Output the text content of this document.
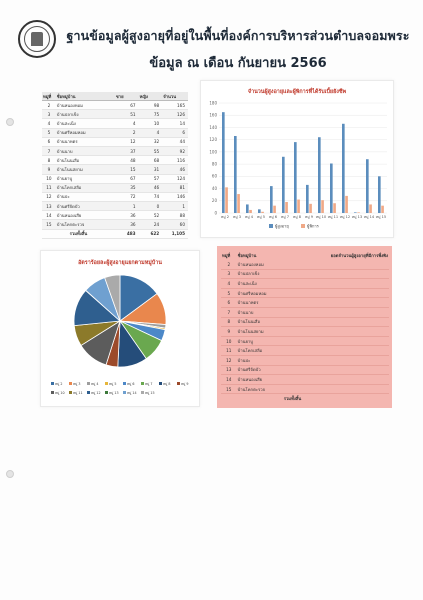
ฐานข้อมูลผู้สูงอายุที่อยู่ในพื้นที่องค์การบริหารส่วนตำบลจอมพระ
ข้อมูล ณ เดือน กันยายน 2566
หมู่ที่	ชื่อหมู่บ้าน	ชาย	หญิง	จำนวน
2	บ้านหนองหอม	67	98	165
3	บ้านปลาเข็ง	51	75	126
4	บ้านสะเน็ง	4	10	14
5	บ้านศรีหอมหอม	2	4	6
6	บ้านนาหตร	12	32	44
7	บ้านนาบ	37	55	92
8	บ้านโนนเสือ	48	68	116
9	บ้านโนนสยาม	15	31	46
10	บ้านยาบู	67	57	124
11	บ้านโคกเสลือ	35	46	81
12	บ้านปะ	72	74	146
13	บ้านศรีจัดบัว	1	0	1
14	บ้านหนองเสีย	36	52	88
15	บ้านโคกตะรวจ	36	24	60
รวมทั้งสิ้น		483	622	1,105
จำนวนผู้สูงอายุและผู้พิการที่ได้รับเบี้ยยังชีพ
0
20
40
60
80
100
120
140
160
180
หมู่ 2 หมู่ 3 หมู่ 4 หมู่ 5 หมู่ 6 หมู่ 7 หมู่ 8 หมู่ 9 หมู่ 10 หมู่ 11 หมู่ 12 หมู่ 13 หมู่ 14 หมู่ 15
ผู้สูงอายุ	ผู้พิการ
อัตราร้อยละผู้สูงอายุแยกตามหมู่บ้าน
หมู่ 2	หมู่ 3	หมู่ 4	หมู่ 5	หมู่ 6	หมู่ 7	หมู่ 8	หมู่ 9
หมู่ 10	หมู่ 11	หมู่ 12	หมู่ 13	หมู่ 14	หมู่ 15
หมู่ที่	ชื่อหมู่บ้าน	ยอดจำนวนผู้สูงอายุที่มีการพึ่งพิง
2	บ้านหนองหอม	
3	บ้านปลาเข็ง	
4	บ้านสะเน็ง	
5	บ้านศรีหอมหอม	
6	บ้านนาหตร	
7	บ้านนาบ	
8	บ้านโนนเสือ	
9	บ้านโนนสยาม	
10	บ้านยาบู	
11	บ้านโคกเสลือ	
12	บ้านปะ	
13	บ้านศรีจัดบัว	
14	บ้านหนองเสีย	
15	บ้านโคกตะรวจ	
รวมทั้งสิ้น		
